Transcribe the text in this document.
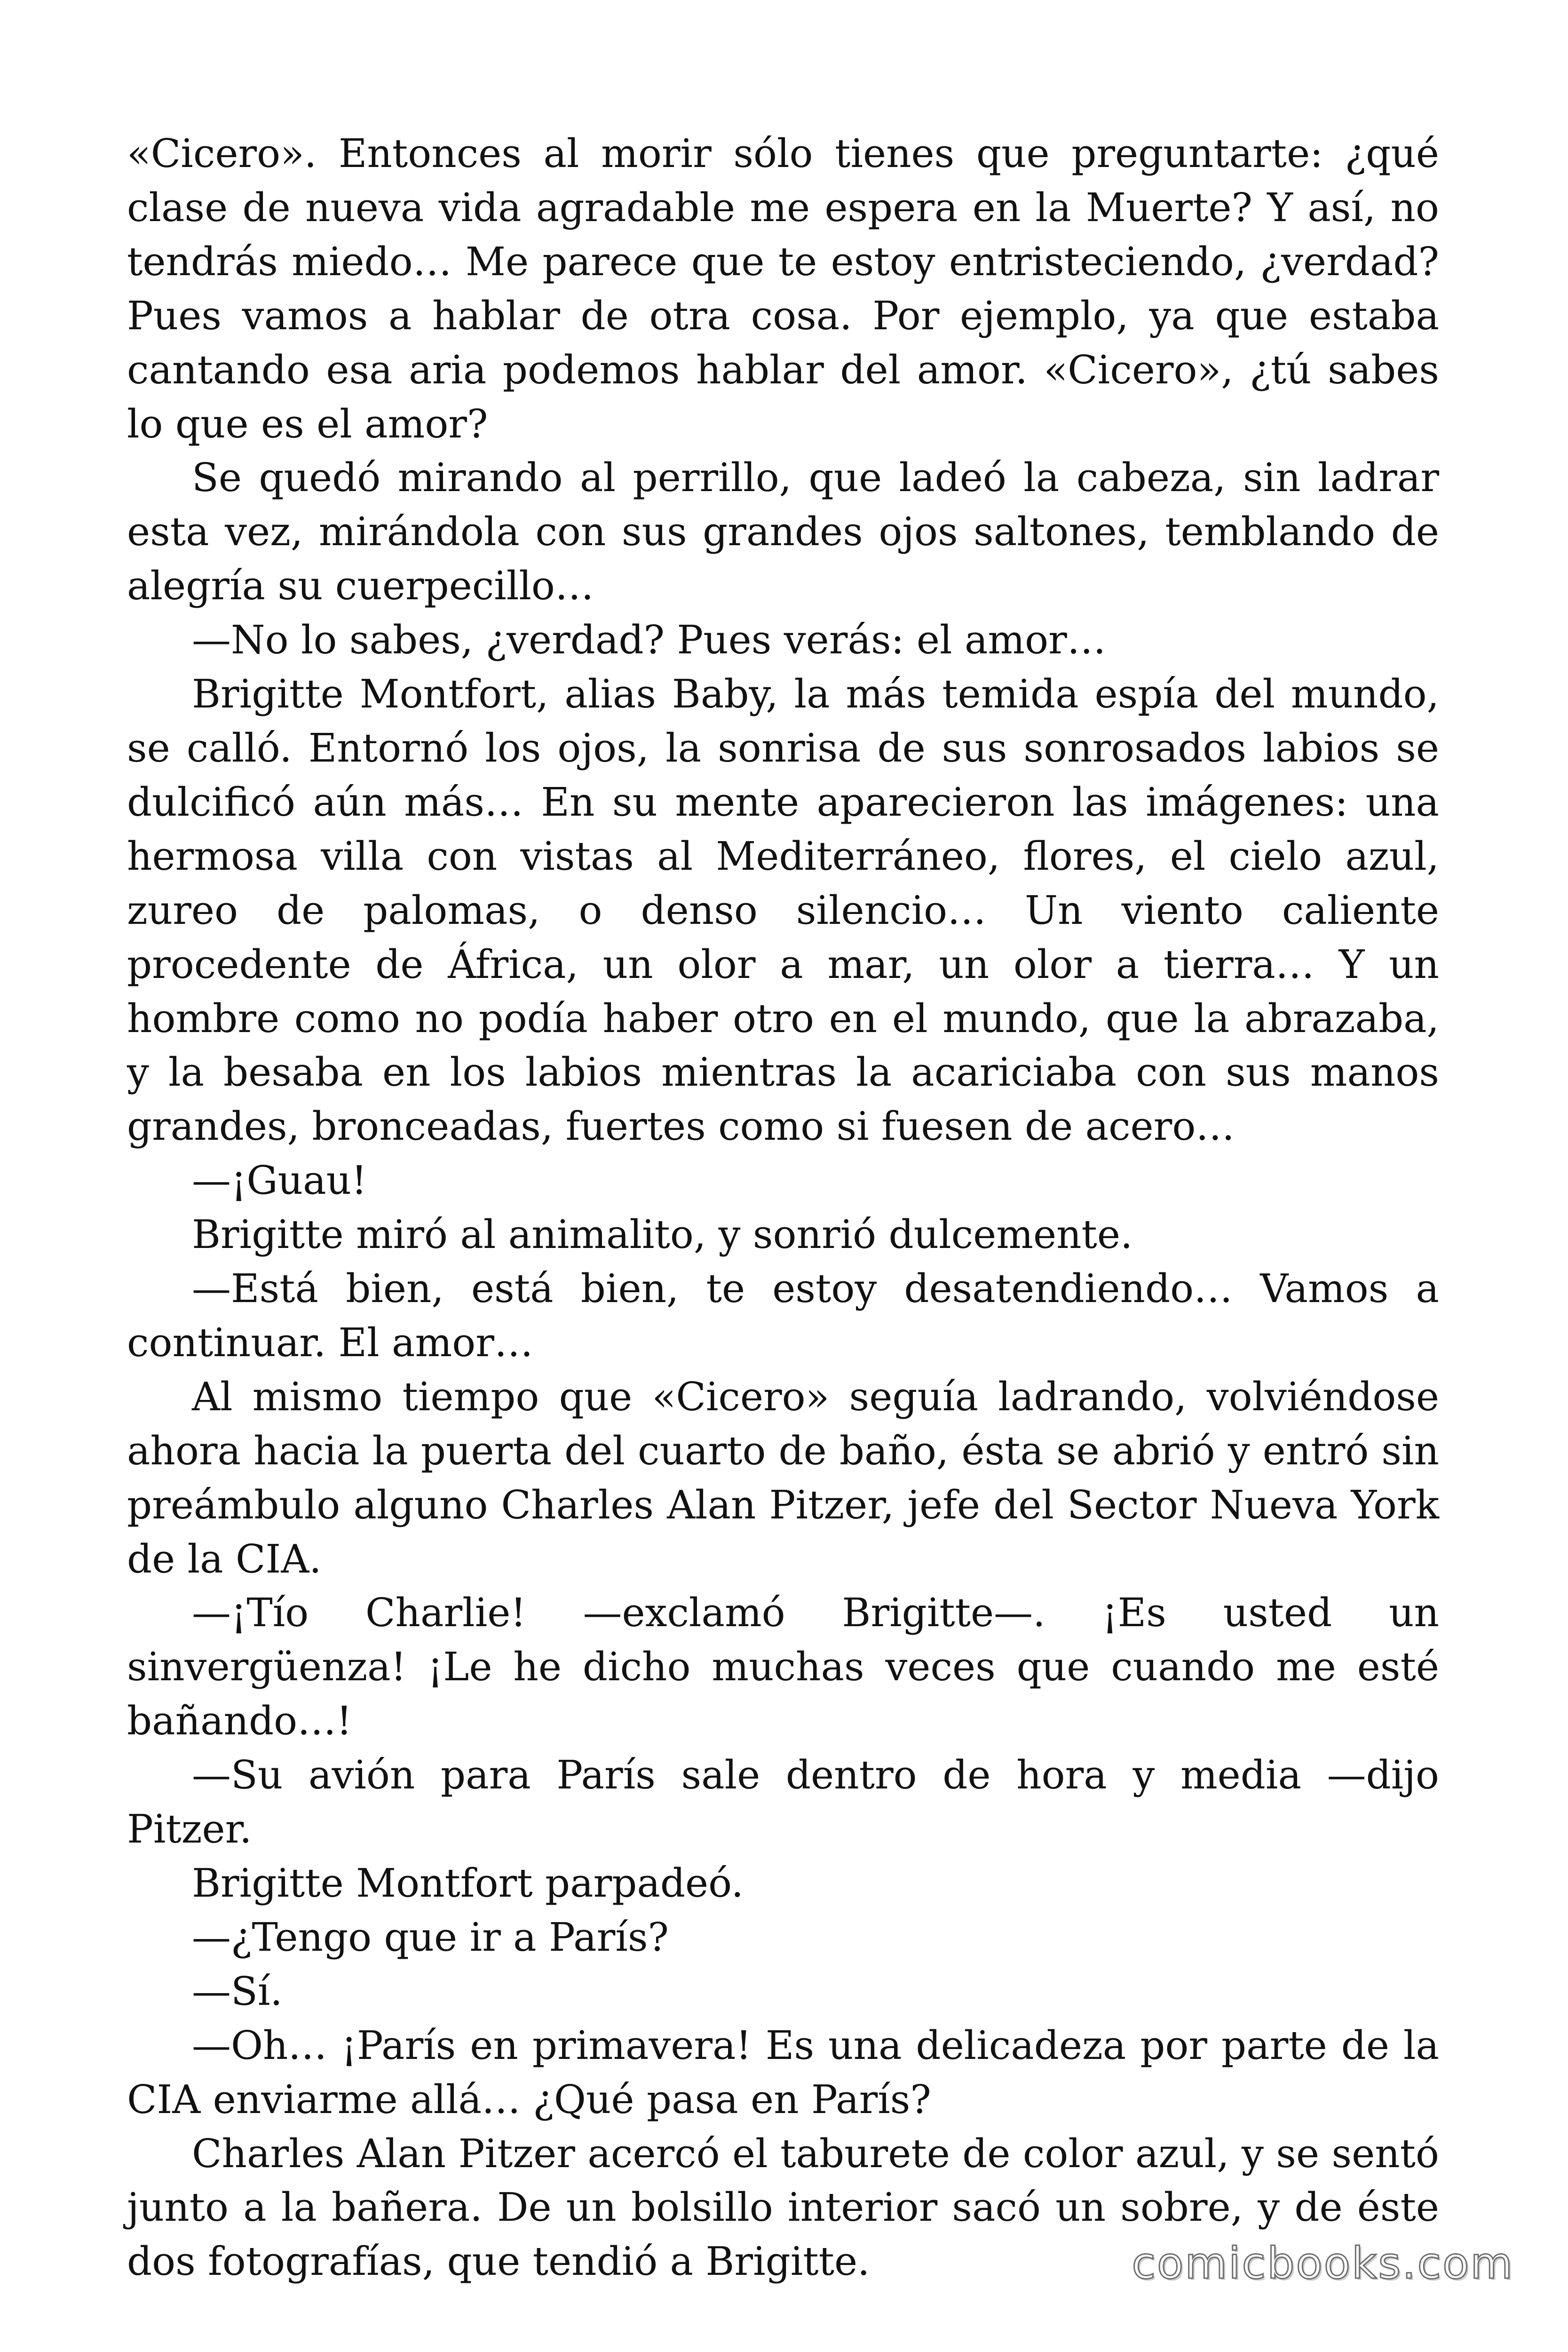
«Cicero». Entonces al morir sólo tienes que preguntarte: ¿qué clase de nueva vida agradable me espera en la Muerte? Y así, no tendrás miedo… Me parece que te estoy entristeciendo, ¿verdad? Pues vamos a hablar de otra cosa. Por ejemplo, ya que estaba cantando esa aria podemos hablar del amor. «Cicero», ¿tú sabes lo que es el amor?

Se quedó mirando al perrillo, que ladeó la cabeza, sin ladrar esta vez, mirándola con sus grandes ojos saltones, temblando de alegría su cuerpecillo…

—No lo sabes, ¿verdad? Pues verás: el amor…

Brigitte Montfort, alias Baby, la más temida espía del mundo, se calló. Entornó los ojos, la sonrisa de sus sonrosados labios se dulcificó aún más… En su mente aparecieron las imágenes: una hermosa villa con vistas al Mediterráneo, flores, el cielo azul, zureo de palomas, o denso silencio… Un viento caliente procedente de África, un olor a mar, un olor a tierra… Y un hombre como no podía haber otro en el mundo, que la abrazaba, y la besaba en los labios mientras la acariciaba con sus manos grandes, bronceadas, fuertes como si fuesen de acero…

—¡Guau!

Brigitte miró al animalito, y sonrió dulcemente.

—Está bien, está bien, te estoy desatendiendo… Vamos a continuar. El amor…

Al mismo tiempo que «Cicero» seguía ladrando, volviéndose ahora hacia la puerta del cuarto de baño, ésta se abrió y entró sin preámbulo alguno Charles Alan Pitzer, jefe del Sector Nueva York de la CIA.

—¡Tío Charlie! —exclamó Brigitte—. ¡Es usted un sinvergüenza! ¡Le he dicho muchas veces que cuando me esté bañando…!

—Su avión para París sale dentro de hora y media —dijo Pitzer.

Brigitte Montfort parpadeó.

—¿Tengo que ir a París?

—Sí.

—Oh… ¡París en primavera! Es una delicadeza por parte de la CIA enviarme allá… ¿Qué pasa en París?

Charles Alan Pitzer acercó el taburete de color azul, y se sentó junto a la bañera. De un bolsillo interior sacó un sobre, y de éste dos fotografías, que tendió a Brigitte.	comicbooks.com
